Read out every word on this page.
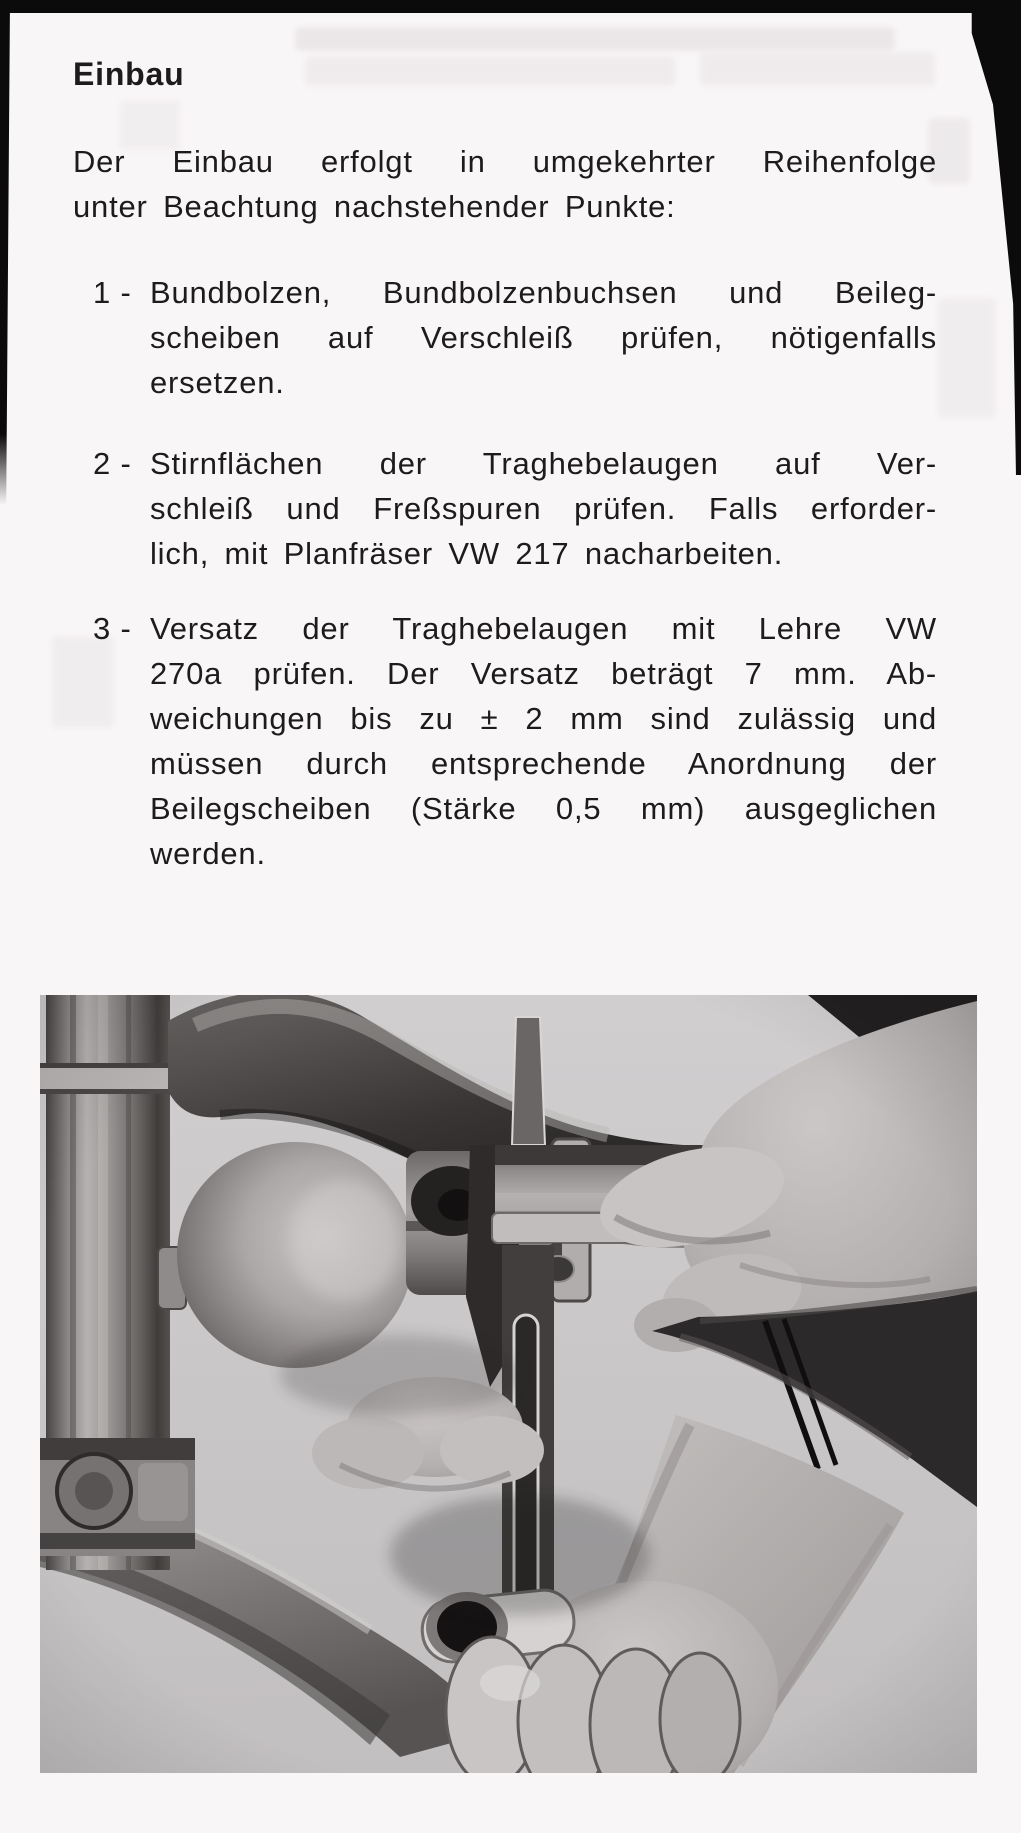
Einbau
Der Einbau erfolgt in umgekehrter Reihenfolge
unter Beachtung nachstehender Punkte:
1 - Bundbolzen, Bundbolzenbuchsen und Beileg-
scheiben auf Verschleiß prüfen, nötigenfalls
ersetzen.
2 - Stirnflächen der Traghebelaugen auf Ver-
schleiß und Freßspuren prüfen. Falls erforder-
lich, mit Planfräser VW 217 nacharbeiten.
3 - Versatz der Traghebelaugen mit Lehre VW
270a prüfen. Der Versatz beträgt 7 mm. Ab-
weichungen bis zu ± 2 mm sind zulässig und
müssen durch entsprechende Anordnung der
Beilegscheiben (Stärke 0,5 mm) ausgeglichen
werden.
